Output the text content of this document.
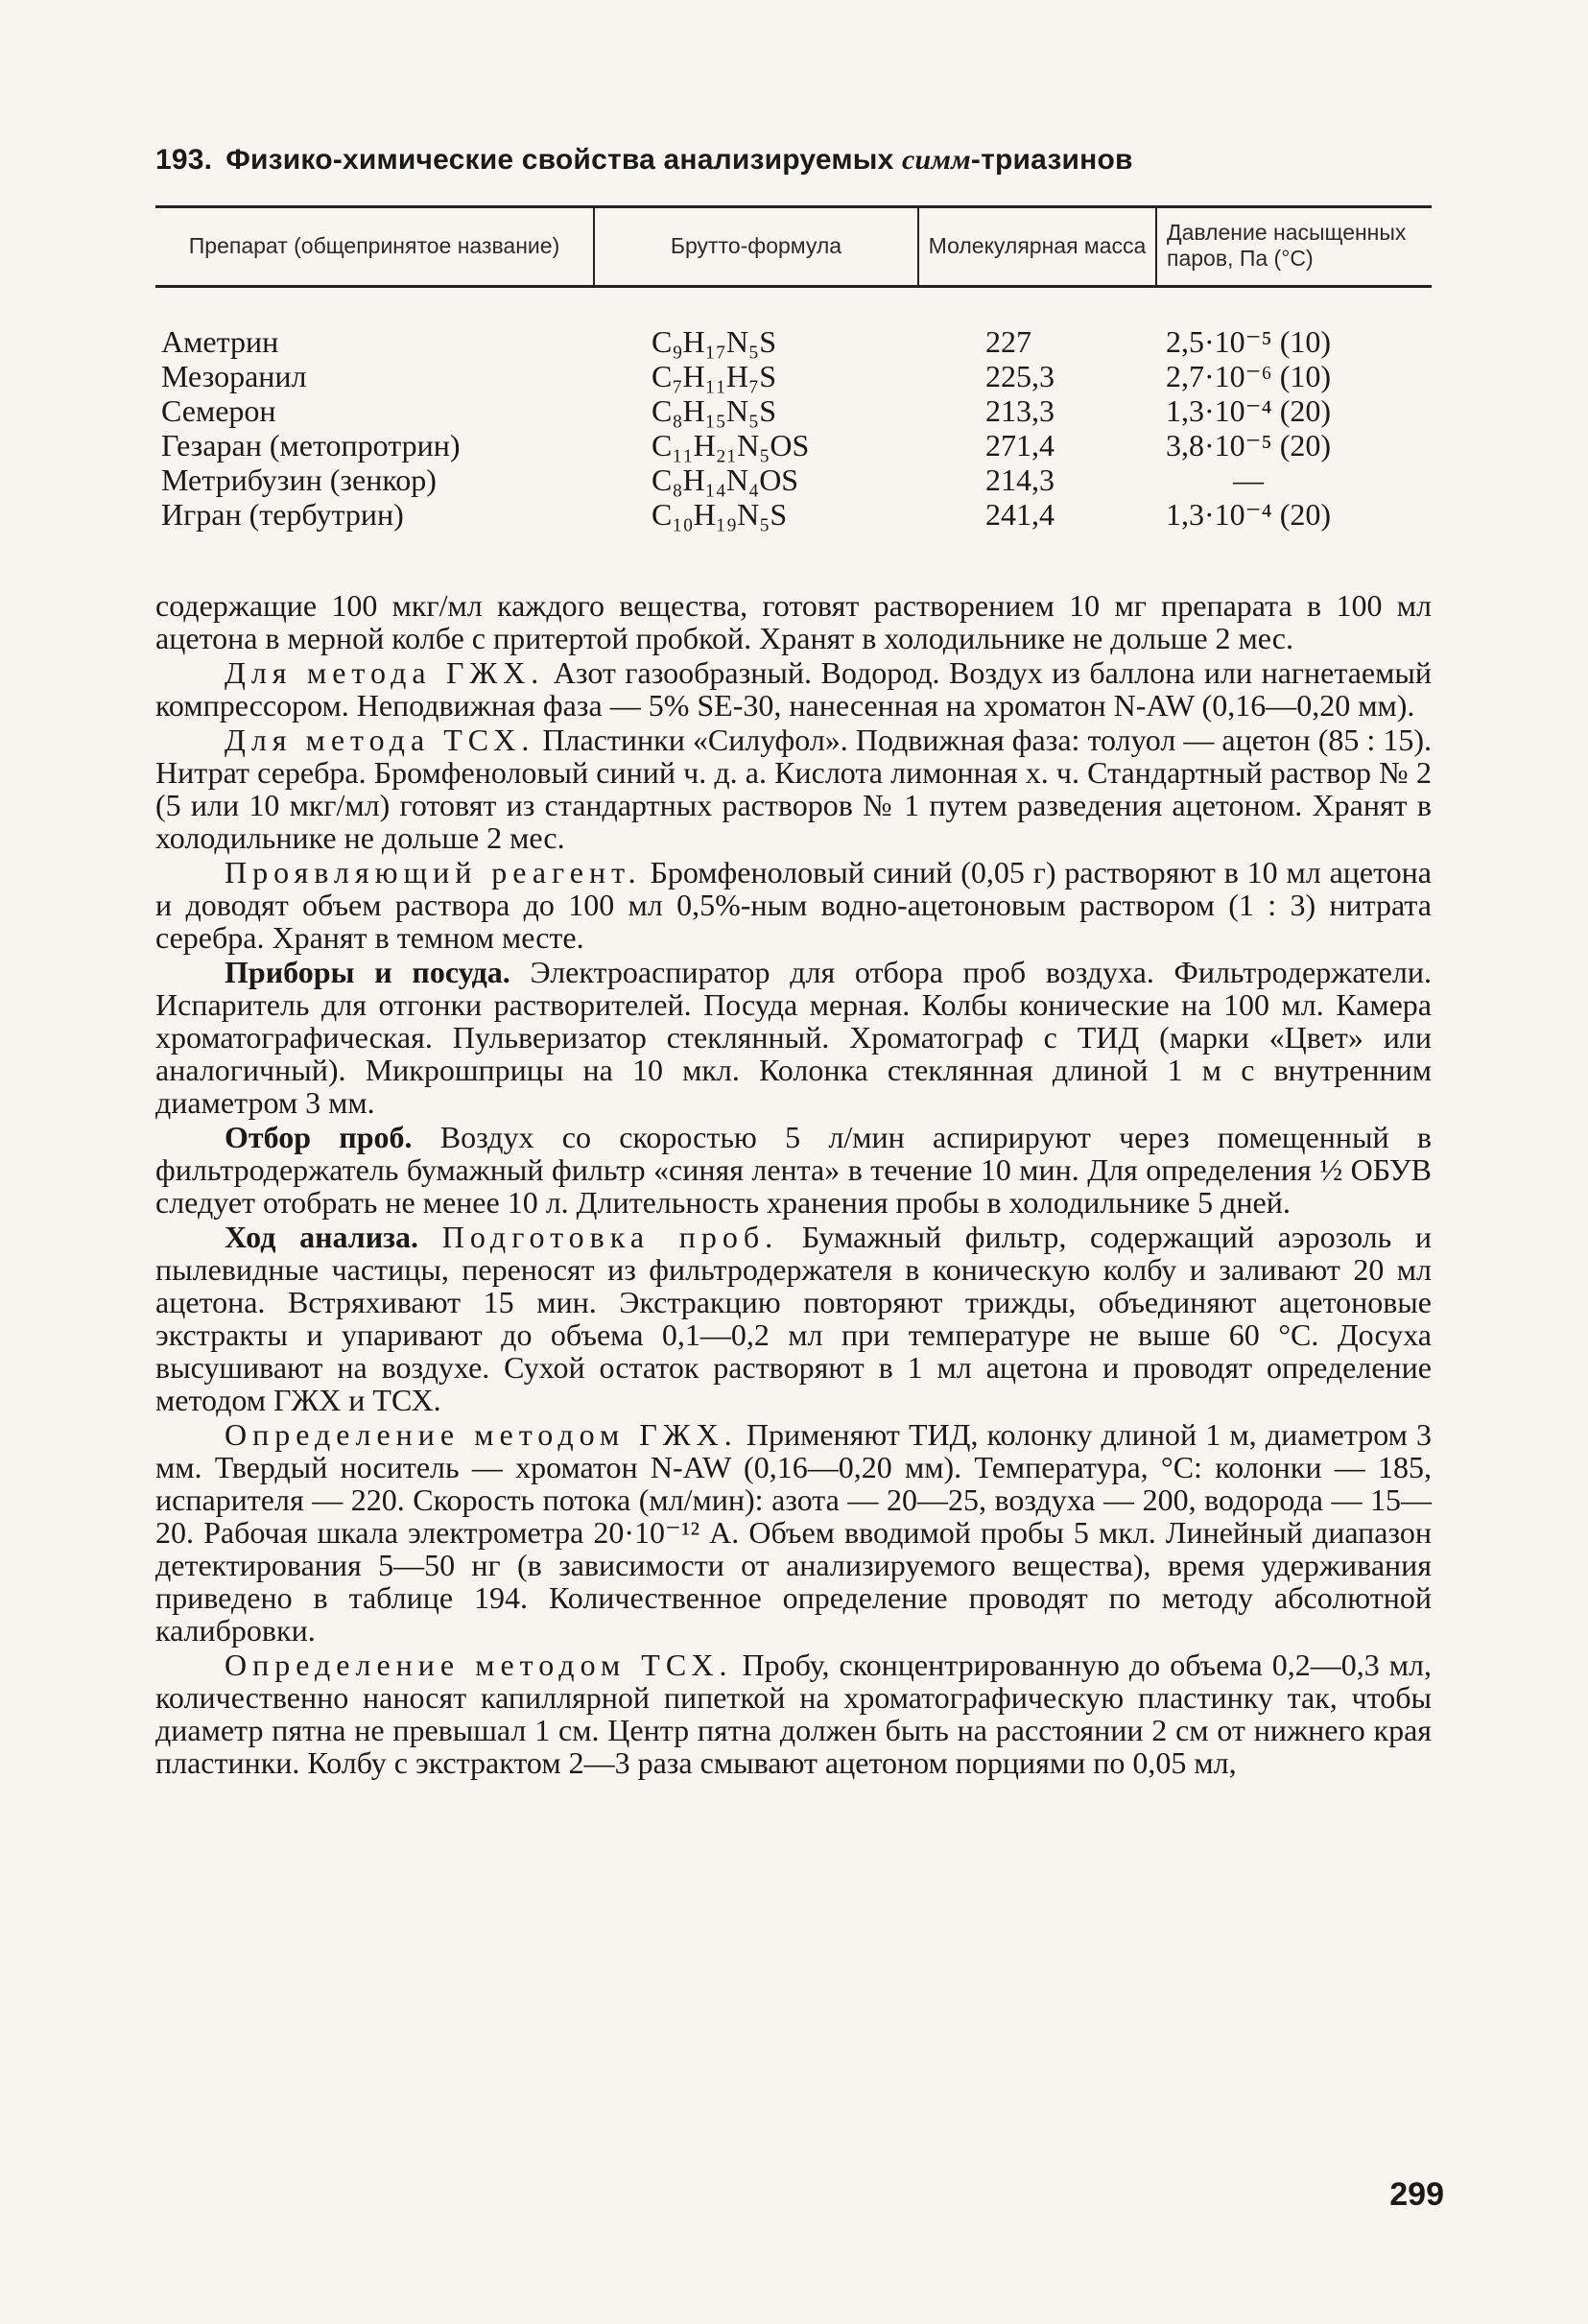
193. Физико-химические свойства анализируемых симм-триазинов
Препарат (общепринятое название)	Брутто-формула	Молекулярная масса	Давление насыщенных паров, Па (°C)
Аметрин	C₉H₁₇N₅S	227	2,5·10⁻⁵ (10)
Мезоранил	C₇H₁₁H₇S	225,3	2,7·10⁻⁶ (10)
Семерон	C₈H₁₅N₅S	213,3	1,3·10⁻⁴ (20)
Гезаран (метопротрин)	C₁₁H₂₁N₅OS	271,4	3,8·10⁻⁵ (20)
Метрибузин (зенкор)	C₈H₁₄N₄OS	214,3	—
Игран (тербутрин)	C₁₀H₁₉N₅S	241,4	1,3·10⁻⁴ (20)

содержащие 100 мкг/мл каждого вещества, готовят растворением 10 мг препарата в 100 мл ацетона в мерной колбе с притертой пробкой. Хранят в холодильнике не дольше 2 мес.

Для метода ГЖХ. Азот газообразный. Водород. Воздух из баллона или нагнетаемый компрессором. Неподвижная фаза — 5% SE-30, нанесенная на хроматон N-AW (0,16—0,20 мм).

Для метода ТСХ. Пластинки «Силуфол». Подвижная фаза: толуол — ацетон (85 : 15). Нитрат серебра. Бромфеноловый синий ч. д. а. Кислота лимонная х. ч. Стандартный раствор № 2 (5 или 10 мкг/мл) готовят из стандартных растворов № 1 путем разведения ацетоном. Хранят в холодильнике не дольше 2 мес.

Проявляющий реагент. Бромфеноловый синий (0,05 г) растворяют в 10 мл ацетона и доводят объем раствора до 100 мл 0,5%-ным водно-ацетоновым раствором (1 : 3) нитрата серебра. Хранят в темном месте.

Приборы и посуда. Электроаспиратор для отбора проб воздуха. Фильтродержатели. Испаритель для отгонки растворителей. Посуда мерная. Колбы конические на 100 мл. Камера хроматографическая. Пульверизатор стеклянный. Хроматограф с ТИД (марки «Цвет» или аналогичный). Микрошприцы на 10 мкл. Колонка стеклянная длиной 1 м с внутренним диаметром 3 мм.

Отбор проб. Воздух со скоростью 5 л/мин аспирируют через помещенный в фильтродержатель бумажный фильтр «синяя лента» в течение 10 мин. Для определения ½ ОБУВ следует отобрать не менее 10 л. Длительность хранения пробы в холодильнике 5 дней.

Ход анализа. Подготовка проб. Бумажный фильтр, содержащий аэрозоль и пылевидные частицы, переносят из фильтродержателя в коническую колбу и заливают 20 мл ацетона. Встряхивают 15 мин. Экстракцию повторяют трижды, объединяют ацетоновые экстракты и упаривают до объема 0,1—0,2 мл при температуре не выше 60 °С. Досуха высушивают на воздухе. Сухой остаток растворяют в 1 мл ацетона и проводят определение методом ГЖХ и ТСХ.

Определение методом ГЖХ. Применяют ТИД, колонку длиной 1 м, диаметром 3 мм. Твердый носитель — хроматон N-AW (0,16—0,20 мм). Температура, °С: колонки — 185, испарителя — 220. Скорость потока (мл/мин): азота — 20—25, воздуха — 200, водорода — 15—20. Рабочая шкала электрометра 20·10⁻¹² А. Объем вводимой пробы 5 мкл. Линейный диапазон детектирования 5—50 нг (в зависимости от анализируемого вещества), время удерживания приведено в таблице 194. Количественное определение проводят по методу абсолютной калибровки.

Определение методом ТСХ. Пробу, сконцентрированную до объема 0,2—0,3 мл, количественно наносят капиллярной пипеткой на хроматографическую пластинку так, чтобы диаметр пятна не превышал 1 см. Центр пятна должен быть на расстоянии 2 см от нижнего края пластинки. Колбу с экстрактом 2—3 раза смывают ацетоном порциями по 0,05 мл,

299
